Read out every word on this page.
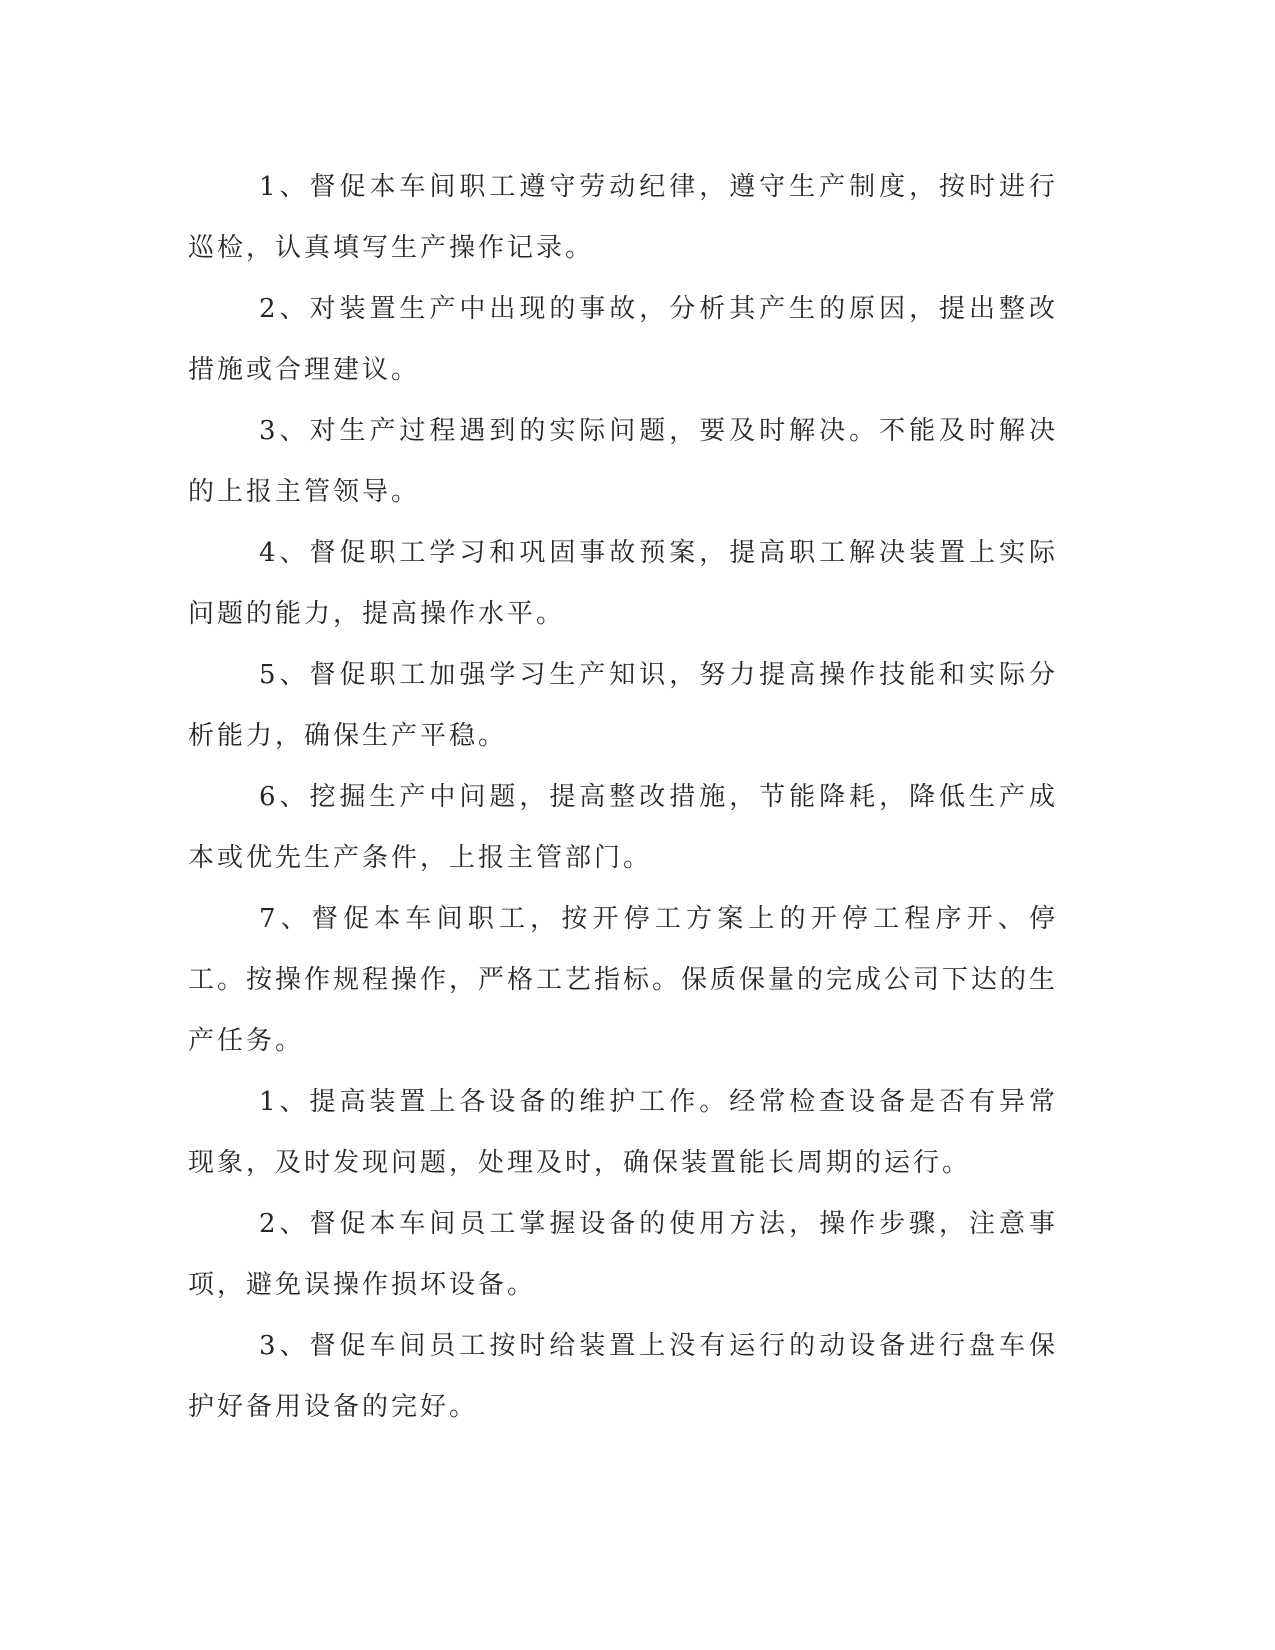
1、督促本车间职工遵守劳动纪律，遵守生产制度，按时进行巡检，认真填写生产操作记录。

2、对装置生产中出现的事故，分析其产生的原因，提出整改措施或合理建议。

3、对生产过程遇到的实际问题，要及时解决。不能及时解决的上报主管领导。

4、督促职工学习和巩固事故预案，提高职工解决装置上实际问题的能力，提高操作水平。

5、督促职工加强学习生产知识，努力提高操作技能和实际分析能力，确保生产平稳。

6、挖掘生产中问题，提高整改措施，节能降耗，降低生产成本或优先生产条件，上报主管部门。

7、督促本车间职工，按开停工方案上的开停工程序开、停工。按操作规程操作，严格工艺指标。保质保量的完成公司下达的生产任务。

1、提高装置上各设备的维护工作。经常检查设备是否有异常现象，及时发现问题，处理及时，确保装置能长周期的运行。

2、督促本车间员工掌握设备的使用方法，操作步骤，注意事项，避免误操作损坏设备。

3、督促车间员工按时给装置上没有运行的动设备进行盘车保护好备用设备的完好。
